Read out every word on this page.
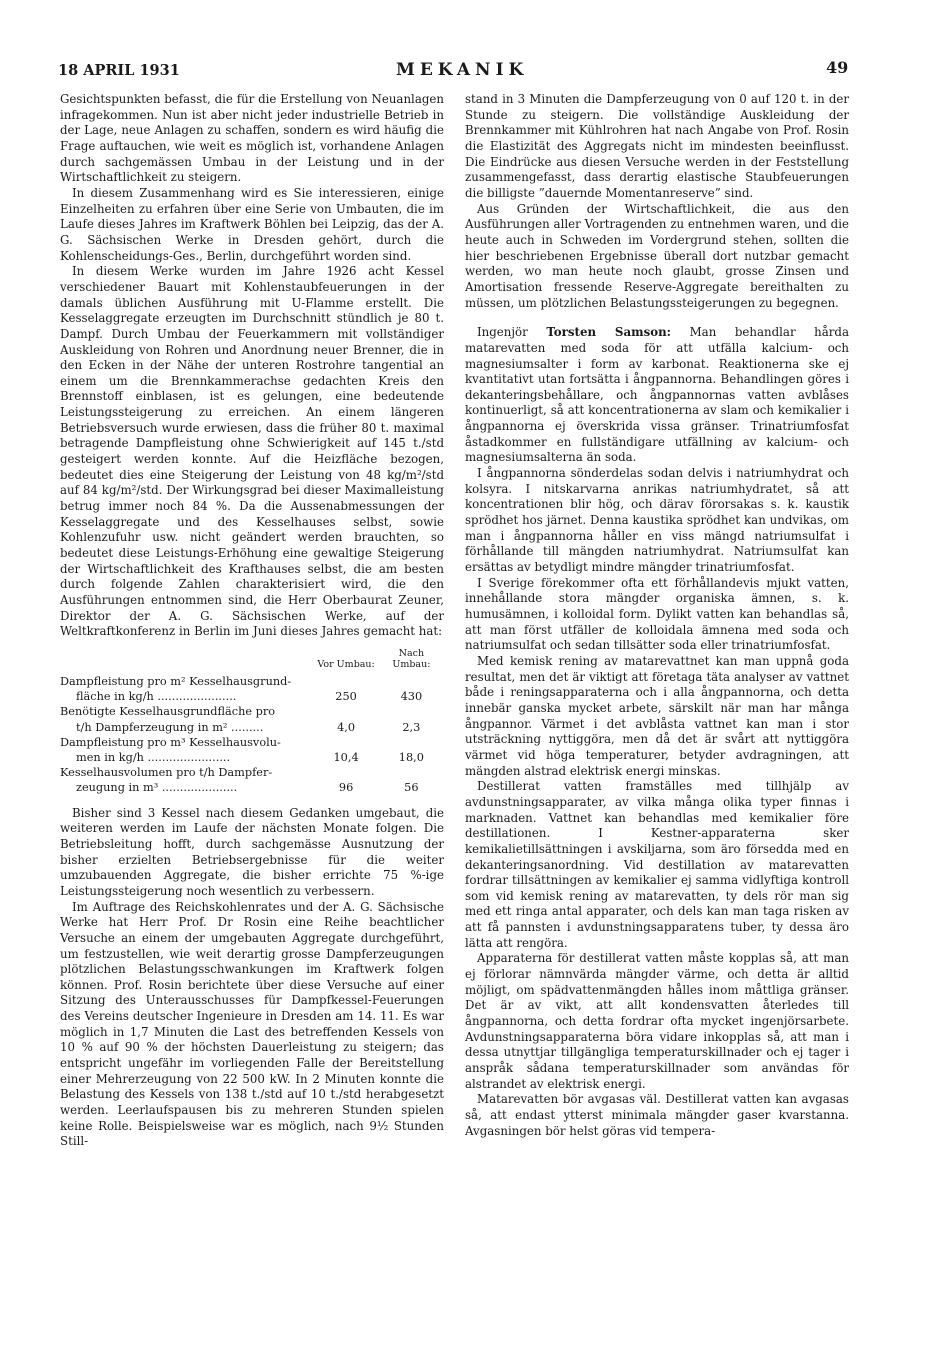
18 APRIL 1931	MEKANIK	49

Gesichtspunkten befasst, die für die Erstellung von Neuanlagen infragekommen. Nun ist aber nicht jeder industrielle Betrieb in der Lage, neue Anlagen zu schaffen, sondern es wird häufig die Frage auftauchen, wie weit es möglich ist, vorhandene Anlagen durch sachgemässen Umbau in der Leistung und in der Wirtschaftlichkeit zu steigern.

In diesem Zusammenhang wird es Sie interessieren, einige Einzelheiten zu erfahren über eine Serie von Umbauten, die im Laufe dieses Jahres im Kraftwerk Böhlen bei Leipzig, das der A. G. Sächsischen Werke in Dresden gehört, durch die Kohlenscheidungs-Ges., Berlin, durchgeführt worden sind.

In diesem Werke wurden im Jahre 1926 acht Kessel verschiedener Bauart mit Kohlenstaubfeuerungen in der damals üblichen Ausführung mit U-Flamme erstellt. Die Kesselaggregate erzeugten im Durchschnitt stündlich je 80 t. Dampf. Durch Umbau der Feuerkammern mit vollständiger Auskleidung von Rohren und Anordnung neuer Brenner, die in den Ecken in der Nähe der unteren Rostrohre tangential an einem um die Brennkammerachse gedachten Kreis den Brennstoff einblasen, ist es gelungen, eine bedeutende Leistungssteigerung zu erreichen. An einem längeren Betriebsversuch wurde erwiesen, dass die früher 80 t. maximal betragende Dampfleistung ohne Schwierigkeit auf 145 t./std gesteigert werden konnte. Auf die Heizfläche bezogen, bedeutet dies eine Steigerung der Leistung von 48 kg/m²/std auf 84 kg/m²/std. Der Wirkungsgrad bei dieser Maximalleistung betrug immer noch 84 %. Da die Aussenabmessungen der Kesselaggregate und des Kesselhauses selbst, sowie Kohlenzufuhr usw. nicht geändert werden brauchten, so bedeutet diese Leistungs-Erhöhung eine gewaltige Steigerung der Wirtschaftlichkeit des Krafthauses selbst, die am besten durch folgende Zahlen charakterisiert wird, die den Ausführungen entnommen sind, die Herr Oberbaurat Zeuner, Direktor der A. G. Sächsischen Werke, auf der Weltkraftkonferenz in Berlin im Juni dieses Jahres gemacht hat:

	Vor Umbau:	Nach Umbau:

Dampfleistung pro m² Kesselhausgrund-
fläche in kg/h ......................	250	430

Benötigte Kesselhausgrundfläche pro
t/h Dampferzeugung in m² .........	4,0	2,3

Dampfleistung pro m³ Kesselhausvolu-
men in kg/h .......................	10,4	18,0

Kesselhausvolumen pro t/h Dampfer-
zeugung in m³ .....................	96	56

Bisher sind 3 Kessel nach diesem Gedanken umgebaut, die weiteren werden im Laufe der nächsten Monate folgen. Die Betriebsleitung hofft, durch sachgemässe Ausnutzung der bisher erzielten Betriebsergebnisse für die weiter umzubauenden Aggregate, die bisher errichte 75 %-ige Leistungssteigerung noch wesentlich zu verbessern.

Im Auftrage des Reichskohlenrates und der A. G. Sächsische Werke hat Herr Prof. Dr Rosin eine Reihe beachtlicher Versuche an einem der umgebauten Aggregate durchgeführt, um festzustellen, wie weit derartig grosse Dampferzeugungen plötzlichen Belastungsschwankungen im Kraftwerk folgen können. Prof. Rosin berichtete über diese Versuche auf einer Sitzung des Unterausschusses für Dampfkessel-Feuerungen des Vereins deutscher Ingenieure in Dresden am 14. 11. Es war möglich in 1,7 Minuten die Last des betreffenden Kessels von 10 % auf 90 % der höchsten Dauerleistung zu steigern; das entspricht ungefähr im vorliegenden Falle der Bereitstellung einer Mehrerzeugung von 22 500 kW. In 2 Minuten konnte die Belastung des Kessels von 138 t./std auf 10 t./std herabgesetzt werden. Leerlaufspausen bis zu mehreren Stunden spielen keine Rolle. Beispielsweise war es möglich, nach 9½ Stunden Still-

stand in 3 Minuten die Dampferzeugung von 0 auf 120 t. in der Stunde zu steigern. Die vollständige Auskleidung der Brennkammer mit Kühlrohren hat nach Angabe von Prof. Rosin die Elastizität des Aggregats nicht im mindesten beeinflusst. Die Eindrücke aus diesen Versuche werden in der Feststellung zusammengefasst, dass derartig elastische Staubfeuerungen die billigste ”dauernde Momentanreserve” sind.

Aus Gründen der Wirtschaftlichkeit, die aus den Ausführungen aller Vortragenden zu entnehmen waren, und die heute auch in Schweden im Vordergrund stehen, sollten die hier beschriebenen Ergebnisse überall dort nutzbar gemacht werden, wo man heute noch glaubt, grosse Zinsen und Amortisation fressende Reserve-Aggregate bereithalten zu müssen, um plötzlichen Belastungssteigerungen zu begegnen.

Ingenjör Torsten Samson: Man behandlar hårda matarevatten med soda för att utfälla kalcium- och magnesiumsalter i form av karbonat. Reaktionerna ske ej kvantitativt utan fortsätta i ångpannorna. Behandlingen göres i dekanteringsbehållare, och ångpannornas vatten avblåses kontinuerligt, så att koncentrationerna av slam och kemikalier i ångpannorna ej överskrida vissa gränser. Trinatriumfosfat åstadkommer en fullständigare utfällning av kalcium- och magnesiumsalterna än soda.

I ångpannorna sönderdelas sodan delvis i natriumhydrat och kolsyra. I nitskarvarna anrikas natriumhydratet, så att koncentrationen blir hög, och därav förorsakas s. k. kaustik sprödhet hos järnet. Denna kaustika sprödhet kan undvikas, om man i ångpannorna håller en viss mängd natriumsulfat i förhållande till mängden natriumhydrat. Natriumsulfat kan ersättas av betydligt mindre mängder trinatriumfosfat.

I Sverige förekommer ofta ett förhållandevis mjukt vatten, innehållande stora mängder organiska ämnen, s. k. humusämnen, i kolloidal form. Dylikt vatten kan behandlas så, att man först utfäller de kolloidala ämnena med soda och natriumsulfat och sedan tillsätter soda eller trinatriumfosfat.

Med kemisk rening av matarevattnet kan man uppnå goda resultat, men det är viktigt att företaga täta analyser av vattnet både i reningsapparaterna och i alla ångpannorna, och detta innebär ganska mycket arbete, särskilt när man har många ångpannor. Värmet i det avblåsta vattnet kan man i stor utsträckning nyttiggöra, men då det är svårt att nyttiggöra värmet vid höga temperaturer, betyder avdragningen, att mängden alstrad elektrisk energi minskas.

Destillerat vatten framställes med tillhjälp av avdunstningsapparater, av vilka många olika typer finnas i marknaden. Vattnet kan behandlas med kemikalier före destillationen. I Kestner-apparaterna sker kemikalietillsättningen i avskiljarna, som äro försedda med en dekanteringsanordning. Vid destillation av matarevatten fordrar tillsättningen av kemikalier ej samma vidlyftiga kontroll som vid kemisk rening av matarevatten, ty dels rör man sig med ett ringa antal apparater, och dels kan man taga risken av att få pannsten i avdunstningsapparatens tuber, ty dessa äro lätta att rengöra.

Apparaterna för destillerat vatten måste kopplas så, att man ej förlorar nämnvärda mängder värme, och detta är alltid möjligt, om spädvattenmängden hålles inom måttliga gränser. Det är av vikt, att allt kondensvatten återledes till ångpannorna, och detta fordrar ofta mycket ingenjörsarbete. Avdunstningsapparaterna böra vidare inkopplas så, att man i dessa utnyttjar tillgängliga temperaturskillnader och ej tager i anspråk sådana temperaturskillnader som användas för alstrandet av elektrisk energi.

Matarevatten bör avgasas väl. Destillerat vatten kan avgasas så, att endast ytterst minimala mängder gaser kvarstanna. Avgasningen bör helst göras vid tempera-
